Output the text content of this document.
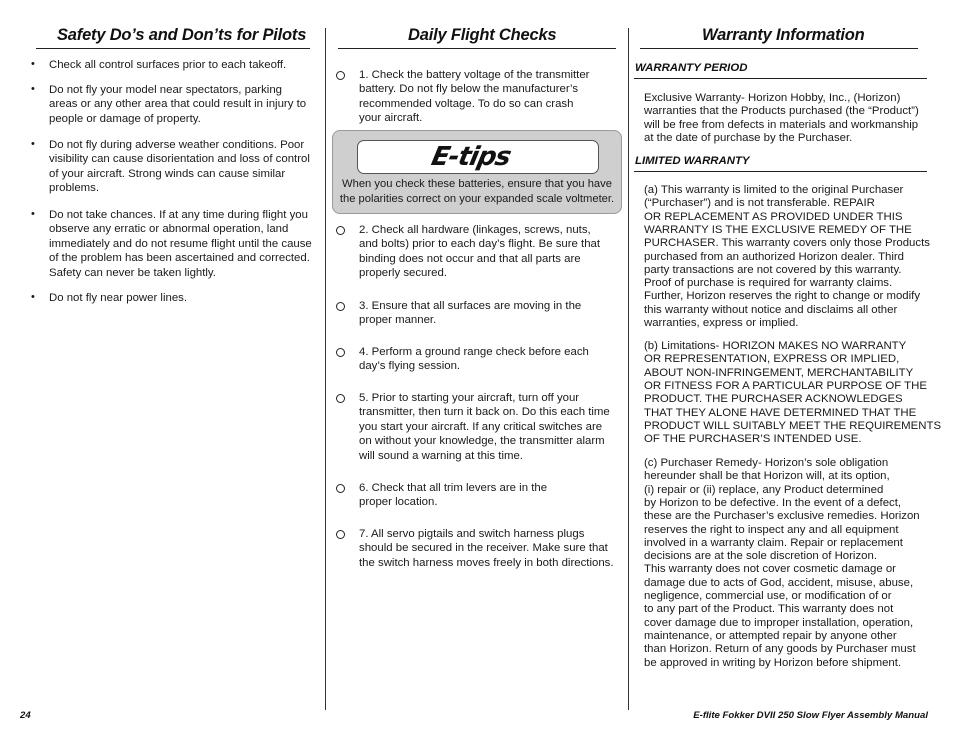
Safety Do’s and Don’ts for Pilots
• Check all control surfaces prior to each takeoff.
• Do not fly your model near spectators, parking
areas or any other area that could result in injury to
people or damage of property.
• Do not fly during adverse weather conditions. Poor
visibility can cause disorientation and loss of control
of your aircraft. Strong winds can cause similar
problems.
• Do not take chances. If at any time during flight you
observe any erratic or abnormal operation, land
immediately and do not resume flight until the cause
of the problem has been ascertained and corrected.
Safety can never be taken lightly.
• Do not fly near power lines.
Daily Flight Checks
1. Check the battery voltage of the transmitter
battery. Do not fly below the manufacturer’s
recommended voltage. To do so can crash
your aircraft.
2. Check all hardware (linkages, screws, nuts,
and bolts) prior to each day’s flight. Be sure that
binding does not occur and that all parts are
properly secured.
3. Ensure that all surfaces are moving in the
proper manner.
4. Perform a ground range check before each
day’s flying session.
5. Prior to starting your aircraft, turn off your
transmitter, then turn it back on. Do this each time
you start your aircraft. If any critical switches are
on without your knowledge, the transmitter alarm
will sound a warning at this time.
6. Check that all trim levers are in the
proper location.
7. All servo pigtails and switch harness plugs
should be secured in the receiver. Make sure that
the switch harness moves freely in both directions.
E-tips
When you check these batteries, ensure that you have
the polarities correct on your expanded scale voltmeter.
Warranty Information
WARRANTY PERIOD
Exclusive Warranty- Horizon Hobby, Inc., (Horizon)
warranties that the Products purchased (the “Product”)
will be free from defects in materials and workmanship
at the date of purchase by the Purchaser.
LIMITED WARRANTY
(a) This warranty is limited to the original Purchaser
(“Purchaser”) and is not transferable. REPAIR
OR REPLACEMENT AS PROVIDED UNDER THIS
WARRANTY IS THE EXCLUSIVE REMEDY OF THE
PURCHASER. This warranty covers only those Products
purchased from an authorized Horizon dealer. Third
party transactions are not covered by this warranty.
Proof of purchase is required for warranty claims.
Further, Horizon reserves the right to change or modify
this warranty without notice and disclaims all other
warranties, express or implied.
(b) Limitations- HORIZON MAKES NO WARRANTY
OR REPRESENTATION, EXPRESS OR IMPLIED,
ABOUT NON-INFRINGEMENT, MERCHANTABILITY
OR FITNESS FOR A PARTICULAR PURPOSE OF THE
PRODUCT. THE PURCHASER ACKNOWLEDGES
THAT THEY ALONE HAVE DETERMINED THAT THE
PRODUCT WILL SUITABLY MEET THE REQUIREMENTS
OF THE PURCHASER’S INTENDED USE.
(c) Purchaser Remedy- Horizon’s sole obligation
hereunder shall be that Horizon will, at its option,
(i) repair or (ii) replace, any Product determined
by Horizon to be defective. In the event of a defect,
these are the Purchaser’s exclusive remedies. Horizon
reserves the right to inspect any and all equipment
involved in a warranty claim. Repair or replacement
decisions are at the sole discretion of Horizon.
This warranty does not cover cosmetic damage or
damage due to acts of God, accident, misuse, abuse,
negligence, commercial use, or modification of or
to any part of the Product. This warranty does not
cover damage due to improper installation, operation,
maintenance, or attempted repair by anyone other
than Horizon. Return of any goods by Purchaser must
be approved in writing by Horizon before shipment.
24	E-flite Fokker DVII 250 Slow Flyer Assembly Manual
